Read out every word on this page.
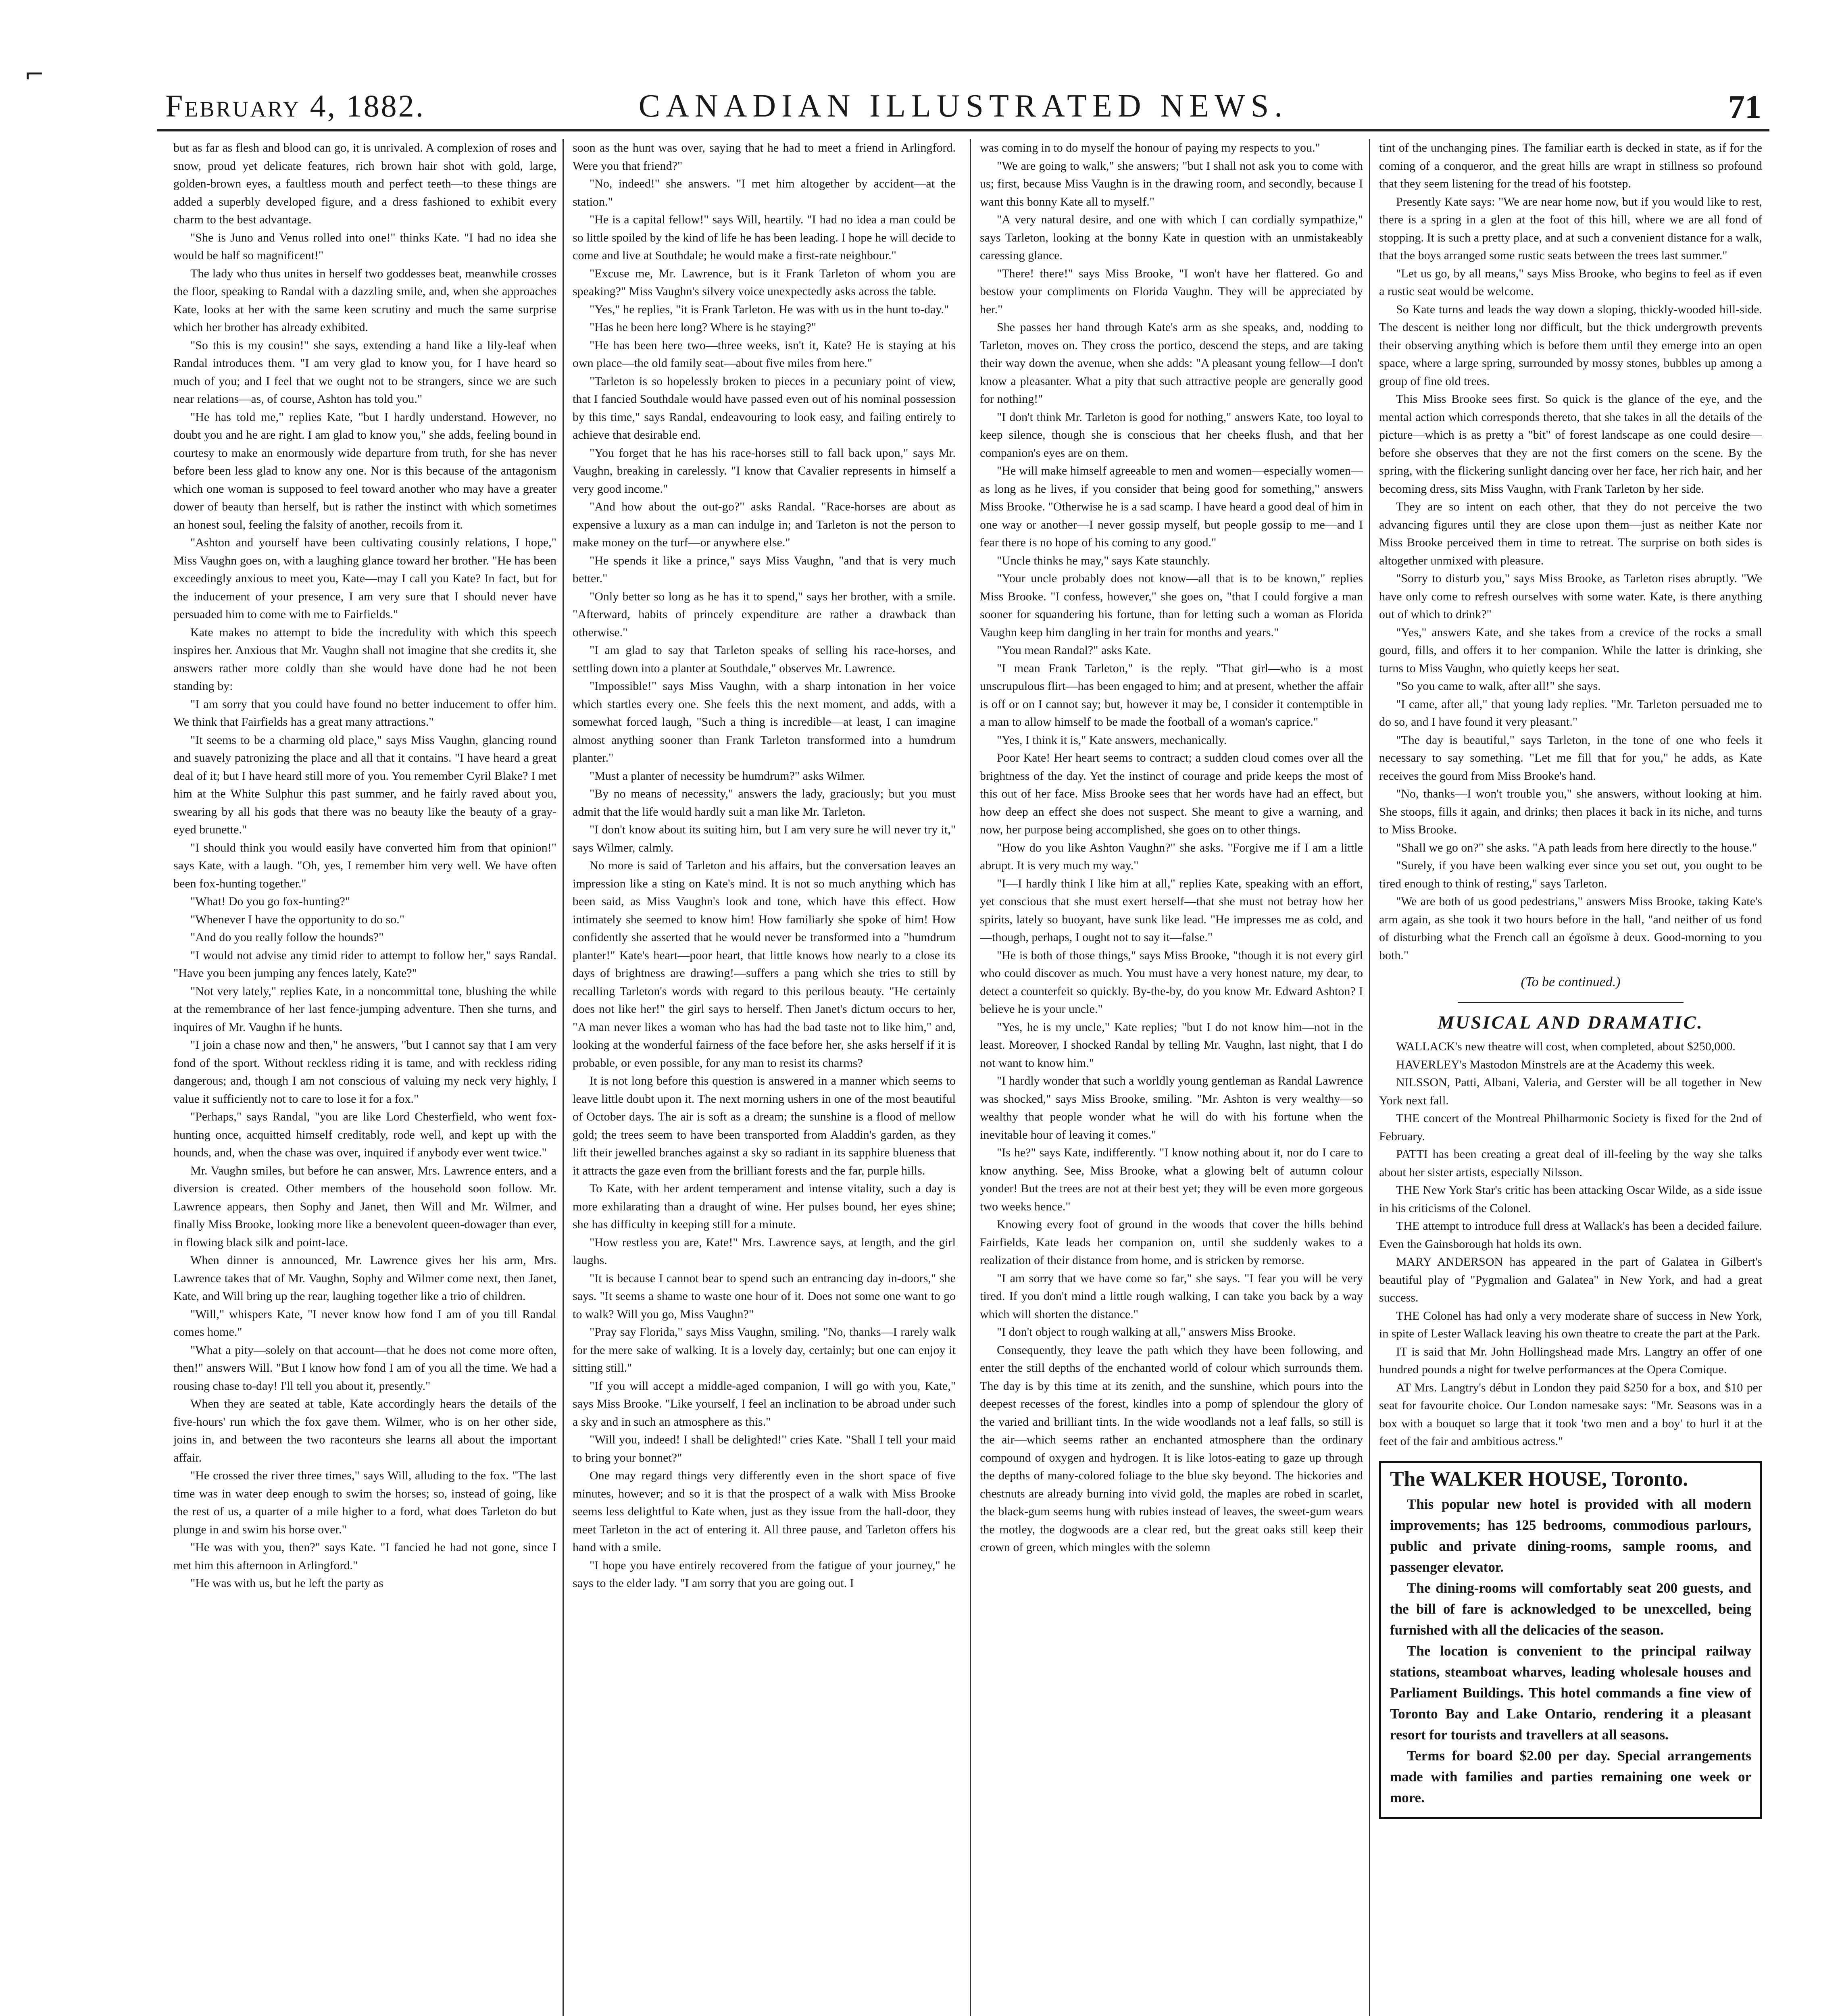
⌐
February 4, 1882.	CANADIAN ILLUSTRATED NEWS.	71

but as far as flesh and blood can go, it is unrivaled. A complexion of roses and snow, proud yet delicate features, rich brown hair shot with gold, large, golden-brown eyes, a faultless mouth and perfect teeth—to these things are added a superbly developed figure, and a dress fashioned to exhibit every charm to the best advantage.

"She is Juno and Venus rolled into one!" thinks Kate. "I had no idea she would be half so magnificent!"

The lady who thus unites in herself two goddesses beat, meanwhile crosses the floor, speaking to Randal with a dazzling smile, and, when she approaches Kate, looks at her with the same keen scrutiny and much the same surprise which her brother has already exhibited.

"So this is my cousin!" she says, extending a hand like a lily-leaf when Randal introduces them. "I am very glad to know you, for I have heard so much of you; and I feel that we ought not to be strangers, since we are such near relations—as, of course, Ashton has told you."

"He has told me," replies Kate, "but I hardly understand. However, no doubt you and he are right. I am glad to know you," she adds, feeling bound in courtesy to make an enormously wide departure from truth, for she has never before been less glad to know any one. Nor is this because of the antagonism which one woman is supposed to feel toward another who may have a greater dower of beauty than herself, but is rather the instinct with which sometimes an honest soul, feeling the falsity of another, recoils from it.

"Ashton and yourself have been cultivating cousinly relations, I hope," Miss Vaughn goes on, with a laughing glance toward her brother. "He has been exceedingly anxious to meet you, Kate—may I call you Kate? In fact, but for the inducement of your presence, I am very sure that I should never have persuaded him to come with me to Fairfields."

Kate makes no attempt to bide the incredulity with which this speech inspires her. Anxious that Mr. Vaughn shall not imagine that she credits it, she answers rather more coldly than she would have done had he not been standing by:

"I am sorry that you could have found no better inducement to offer him. We think that Fairfields has a great many attractions."

"It seems to be a charming old place," says Miss Vaughn, glancing round and suavely patronizing the place and all that it contains. "I have heard a great deal of it; but I have heard still more of you. You remember Cyril Blake? I met him at the White Sulphur this past summer, and he fairly raved about you, swearing by all his gods that there was no beauty like the beauty of a gray-eyed brunette."

"I should think you would easily have converted him from that opinion!" says Kate, with a laugh. "Oh, yes, I remember him very well. We have often been fox-hunting together."

"What! Do you go fox-hunting?"

"Whenever I have the opportunity to do so."

"And do you really follow the hounds?"

"I would not advise any timid rider to attempt to follow her," says Randal. "Have you been jumping any fences lately, Kate?"

"Not very lately," replies Kate, in a noncommittal tone, blushing the while at the remembrance of her last fence-jumping adventure. Then she turns, and inquires of Mr. Vaughn if he hunts.

"I join a chase now and then," he answers, "but I cannot say that I am very fond of the sport. Without reckless riding it is tame, and with reckless riding dangerous; and, though I am not conscious of valuing my neck very highly, I value it sufficiently not to care to lose it for a fox."

"Perhaps," says Randal, "you are like Lord Chesterfield, who went fox-hunting once, acquitted himself creditably, rode well, and kept up with the hounds, and, when the chase was over, inquired if anybody ever went twice."

Mr. Vaughn smiles, but before he can answer, Mrs. Lawrence enters, and a diversion is created. Other members of the household soon follow. Mr. Lawrence appears, then Sophy and Janet, then Will and Mr. Wilmer, and finally Miss Brooke, looking more like a benevolent queen-dowager than ever, in flowing black silk and point-lace.

When dinner is announced, Mr. Lawrence gives her his arm, Mrs. Lawrence takes that of Mr. Vaughn, Sophy and Wilmer come next, then Janet, Kate, and Will bring up the rear, laughing together like a trio of children.

"Will," whispers Kate, "I never know how fond I am of you till Randal comes home."

"What a pity—solely on that account—that he does not come more often, then!" answers Will. "But I know how fond I am of you all the time. We had a rousing chase to-day! I'll tell you about it, presently."

When they are seated at table, Kate accordingly hears the details of the five-hours' run which the fox gave them. Wilmer, who is on her other side, joins in, and between the two raconteurs she learns all about the important affair.

"He crossed the river three times," says Will, alluding to the fox. "The last time was in water deep enough to swim the horses; so, instead of going, like the rest of us, a quarter of a mile higher to a ford, what does Tarleton do but plunge in and swim his horse over."

"He was with you, then?" says Kate. "I fancied he had not gone, since I met him this afternoon in Arlingford."

"He was with us, but he left the party as

soon as the hunt was over, saying that he had to meet a friend in Arlingford. Were you that friend?"

"No, indeed!" she answers. "I met him altogether by accident—at the station."

"He is a capital fellow!" says Will, heartily. "I had no idea a man could be so little spoiled by the kind of life he has been leading. I hope he will decide to come and live at Southdale; he would make a first-rate neighbour."

"Excuse me, Mr. Lawrence, but is it Frank Tarleton of whom you are speaking?" Miss Vaughn's silvery voice unexpectedly asks across the table.

"Yes," he replies, "it is Frank Tarleton. He was with us in the hunt to-day."

"Has he been here long? Where is he staying?"

"He has been here two—three weeks, isn't it, Kate? He is staying at his own place—the old family seat—about five miles from here."

"Tarleton is so hopelessly broken to pieces in a pecuniary point of view, that I fancied Southdale would have passed even out of his nominal possession by this time," says Randal, endeavouring to look easy, and failing entirely to achieve that desirable end.

"You forget that he has his race-horses still to fall back upon," says Mr. Vaughn, breaking in carelessly. "I know that Cavalier represents in himself a very good income."

"And how about the out-go?" asks Randal. "Race-horses are about as expensive a luxury as a man can indulge in; and Tarleton is not the person to make money on the turf—or anywhere else."

"He spends it like a prince," says Miss Vaughn, "and that is very much better."

"Only better so long as he has it to spend," says her brother, with a smile. "Afterward, habits of princely expenditure are rather a drawback than otherwise."

"I am glad to say that Tarleton speaks of selling his race-horses, and settling down into a planter at Southdale," observes Mr. Lawrence.

"Impossible!" says Miss Vaughn, with a sharp intonation in her voice which startles every one. She feels this the next moment, and adds, with a somewhat forced laugh, "Such a thing is incredible—at least, I can imagine almost anything sooner than Frank Tarleton transformed into a humdrum planter."

"Must a planter of necessity be humdrum?" asks Wilmer.

"By no means of necessity," answers the lady, graciously; but you must admit that the life would hardly suit a man like Mr. Tarleton.

"I don't know about its suiting him, but I am very sure he will never try it," says Wilmer, calmly.

No more is said of Tarleton and his affairs, but the conversation leaves an impression like a sting on Kate's mind. It is not so much anything which has been said, as Miss Vaughn's look and tone, which have this effect. How intimately she seemed to know him! How familiarly she spoke of him! How confidently she asserted that he would never be transformed into a "humdrum planter!" Kate's heart—poor heart, that little knows how nearly to a close its days of brightness are drawing!—suffers a pang which she tries to still by recalling Tarleton's words with regard to this perilous beauty. "He certainly does not like her!" the girl says to herself. Then Janet's dictum occurs to her, "A man never likes a woman who has had the bad taste not to like him," and, looking at the wonderful fairness of the face before her, she asks herself if it is probable, or even possible, for any man to resist its charms?

It is not long before this question is answered in a manner which seems to leave little doubt upon it. The next morning ushers in one of the most beautiful of October days. The air is soft as a dream; the sunshine is a flood of mellow gold; the trees seem to have been transported from Aladdin's garden, as they lift their jewelled branches against a sky so radiant in its sapphire blueness that it attracts the gaze even from the brilliant forests and the far, purple hills.

To Kate, with her ardent temperament and intense vitality, such a day is more exhilarating than a draught of wine. Her pulses bound, her eyes shine; she has difficulty in keeping still for a minute.

"How restless you are, Kate!" Mrs. Lawrence says, at length, and the girl laughs.

"It is because I cannot bear to spend such an entrancing day in-doors," she says. "It seems a shame to waste one hour of it. Does not some one want to go to walk? Will you go, Miss Vaughn?"

"Pray say Florida," says Miss Vaughn, smiling. "No, thanks—I rarely walk for the mere sake of walking. It is a lovely day, certainly; but one can enjoy it sitting still."

"If you will accept a middle-aged companion, I will go with you, Kate," says Miss Brooke. "Like yourself, I feel an inclination to be abroad under such a sky and in such an atmosphere as this."

"Will you, indeed! I shall be delighted!" cries Kate. "Shall I tell your maid to bring your bonnet?"

One may regard things very differently even in the short space of five minutes, however; and so it is that the prospect of a walk with Miss Brooke seems less delightful to Kate when, just as they issue from the hall-door, they meet Tarleton in the act of entering it. All three pause, and Tarleton offers his hand with a smile.

"I hope you have entirely recovered from the fatigue of your journey," he says to the elder lady. "I am sorry that you are going out. I

was coming in to do myself the honour of paying my respects to you."

"We are going to walk," she answers; "but I shall not ask you to come with us; first, because Miss Vaughn is in the drawing room, and secondly, because I want this bonny Kate all to myself."

"A very natural desire, and one with which I can cordially sympathize," says Tarleton, looking at the bonny Kate in question with an unmistakeably caressing glance.

"There! there!" says Miss Brooke, "I won't have her flattered. Go and bestow your compliments on Florida Vaughn. They will be appreciated by her."

She passes her hand through Kate's arm as she speaks, and, nodding to Tarleton, moves on. They cross the portico, descend the steps, and are taking their way down the avenue, when she adds: "A pleasant young fellow—I don't know a pleasanter. What a pity that such attractive people are generally good for nothing!"

"I don't think Mr. Tarleton is good for nothing," answers Kate, too loyal to keep silence, though she is conscious that her cheeks flush, and that her companion's eyes are on them.

"He will make himself agreeable to men and women—especially women—as long as he lives, if you consider that being good for something," answers Miss Brooke. "Otherwise he is a sad scamp. I have heard a good deal of him in one way or another—I never gossip myself, but people gossip to me—and I fear there is no hope of his coming to any good."

"Uncle thinks he may," says Kate staunchly.

"Your uncle probably does not know—all that is to be known," replies Miss Brooke. "I confess, however," she goes on, "that I could forgive a man sooner for squandering his fortune, than for letting such a woman as Florida Vaughn keep him dangling in her train for months and years."

"You mean Randal?" asks Kate.

"I mean Frank Tarleton," is the reply. "That girl—who is a most unscrupulous flirt—has been engaged to him; and at present, whether the affair is off or on I cannot say; but, however it may be, I consider it contemptible in a man to allow himself to be made the football of a woman's caprice."

"Yes, I think it is," Kate answers, mechanically.

Poor Kate! Her heart seems to contract; a sudden cloud comes over all the brightness of the day. Yet the instinct of courage and pride keeps the most of this out of her face. Miss Brooke sees that her words have had an effect, but how deep an effect she does not suspect. She meant to give a warning, and now, her purpose being accomplished, she goes on to other things.

"How do you like Ashton Vaughn?" she asks. "Forgive me if I am a little abrupt. It is very much my way."

"I—I hardly think I like him at all," replies Kate, speaking with an effort, yet conscious that she must exert herself—that she must not betray how her spirits, lately so buoyant, have sunk like lead. "He impresses me as cold, and—though, perhaps, I ought not to say it—false."

"He is both of those things," says Miss Brooke, "though it is not every girl who could discover as much. You must have a very honest nature, my dear, to detect a counterfeit so quickly. By-the-by, do you know Mr. Edward Ashton? I believe he is your uncle."

"Yes, he is my uncle," Kate replies; "but I do not know him—not in the least. Moreover, I shocked Randal by telling Mr. Vaughn, last night, that I do not want to know him."

"I hardly wonder that such a worldly young gentleman as Randal Lawrence was shocked," says Miss Brooke, smiling. "Mr. Ashton is very wealthy—so wealthy that people wonder what he will do with his fortune when the inevitable hour of leaving it comes."

"Is he?" says Kate, indifferently. "I know nothing about it, nor do I care to know anything. See, Miss Brooke, what a glowing belt of autumn colour yonder! But the trees are not at their best yet; they will be even more gorgeous two weeks hence."

Knowing every foot of ground in the woods that cover the hills behind Fairfields, Kate leads her companion on, until she suddenly wakes to a realization of their distance from home, and is stricken by remorse.

"I am sorry that we have come so far," she says. "I fear you will be very tired. If you don't mind a little rough walking, I can take you back by a way which will shorten the distance."

"I don't object to rough walking at all," answers Miss Brooke.

Consequently, they leave the path which they have been following, and enter the still depths of the enchanted world of colour which surrounds them. The day is by this time at its zenith, and the sunshine, which pours into the deepest recesses of the forest, kindles into a pomp of splendour the glory of the varied and brilliant tints. In the wide woodlands not a leaf falls, so still is the air—which seems rather an enchanted atmosphere than the ordinary compound of oxygen and hydrogen. It is like lotos-eating to gaze up through the depths of many-colored foliage to the blue sky beyond. The hickories and chestnuts are already burning into vivid gold, the maples are robed in scarlet, the black-gum seems hung with rubies instead of leaves, the sweet-gum wears the motley, the dogwoods are a clear red, but the great oaks still keep their crown of green, which mingles with the solemn

tint of the unchanging pines. The familiar earth is decked in state, as if for the coming of a conqueror, and the great hills are wrapt in stillness so profound that they seem listening for the tread of his footstep.

Presently Kate says: "We are near home now, but if you would like to rest, there is a spring in a glen at the foot of this hill, where we are all fond of stopping. It is such a pretty place, and at such a convenient distance for a walk, that the boys arranged some rustic seats between the trees last summer."

"Let us go, by all means," says Miss Brooke, who begins to feel as if even a rustic seat would be welcome.

So Kate turns and leads the way down a sloping, thickly-wooded hill-side. The descent is neither long nor difficult, but the thick undergrowth prevents their observing anything which is before them until they emerge into an open space, where a large spring, surrounded by mossy stones, bubbles up among a group of fine old trees.

This Miss Brooke sees first. So quick is the glance of the eye, and the mental action which corresponds thereto, that she takes in all the details of the picture—which is as pretty a "bit" of forest landscape as one could desire—before she observes that they are not the first comers on the scene. By the spring, with the flickering sunlight dancing over her face, her rich hair, and her becoming dress, sits Miss Vaughn, with Frank Tarleton by her side.

They are so intent on each other, that they do not perceive the two advancing figures until they are close upon them—just as neither Kate nor Miss Brooke perceived them in time to retreat. The surprise on both sides is altogether unmixed with pleasure.

"Sorry to disturb you," says Miss Brooke, as Tarleton rises abruptly. "We have only come to refresh ourselves with some water. Kate, is there anything out of which to drink?"

"Yes," answers Kate, and she takes from a crevice of the rocks a small gourd, fills, and offers it to her companion. While the latter is drinking, she turns to Miss Vaughn, who quietly keeps her seat.

"So you came to walk, after all!" she says.

"I came, after all," that young lady replies. "Mr. Tarleton persuaded me to do so, and I have found it very pleasant."

"The day is beautiful," says Tarleton, in the tone of one who feels it necessary to say something. "Let me fill that for you," he adds, as Kate receives the gourd from Miss Brooke's hand.

"No, thanks—I won't trouble you," she answers, without looking at him. She stoops, fills it again, and drinks; then places it back in its niche, and turns to Miss Brooke.

"Shall we go on?" she asks. "A path leads from here directly to the house."

"Surely, if you have been walking ever since you set out, you ought to be tired enough to think of resting," says Tarleton.

"We are both of us good pedestrians," answers Miss Brooke, taking Kate's arm again, as she took it two hours before in the hall, "and neither of us fond of disturbing what the French call an égoïsme à deux. Good-morning to you both."

(To be continued.)
MUSICAL AND DRAMATIC.

WALLACK's new theatre will cost, when completed, about $250,000.

HAVERLEY's Mastodon Minstrels are at the Academy this week.

NILSSON, Patti, Albani, Valeria, and Gerster will be all together in New York next fall.

THE concert of the Montreal Philharmonic Society is fixed for the 2nd of February.

PATTI has been creating a great deal of ill-feeling by the way she talks about her sister artists, especially Nilsson.

THE New York Star's critic has been attacking Oscar Wilde, as a side issue in his criticisms of the Colonel.

THE attempt to introduce full dress at Wallack's has been a decided failure. Even the Gainsborough hat holds its own.

MARY ANDERSON has appeared in the part of Galatea in Gilbert's beautiful play of "Pygmalion and Galatea" in New York, and had a great success.

THE Colonel has had only a very moderate share of success in New York, in spite of Lester Wallack leaving his own theatre to create the part at the Park.

IT is said that Mr. John Hollingshead made Mrs. Langtry an offer of one hundred pounds a night for twelve performances at the Opera Comique.

AT Mrs. Langtry's début in London they paid $250 for a box, and $10 per seat for favourite choice. Our London namesake says: "Mr. Seasons was in a box with a bouquet so large that it took 'two men and a boy' to hurl it at the feet of the fair and ambitious actress."

The WALKER HOUSE, Toronto.

This popular new hotel is provided with all modern improvements; has 125 bedrooms, commodious parlours, public and private dining-rooms, sample rooms, and passenger elevator.

The dining-rooms will comfortably seat 200 guests, and the bill of fare is acknowledged to be unexcelled, being furnished with all the delicacies of the season.

The location is convenient to the principal railway stations, steamboat wharves, leading wholesale houses and Parliament Buildings. This hotel commands a fine view of Toronto Bay and Lake Ontario, rendering it a pleasant resort for tourists and travellers at all seasons.

Terms for board $2.00 per day. Special arrangements made with families and parties remaining one week or more.
